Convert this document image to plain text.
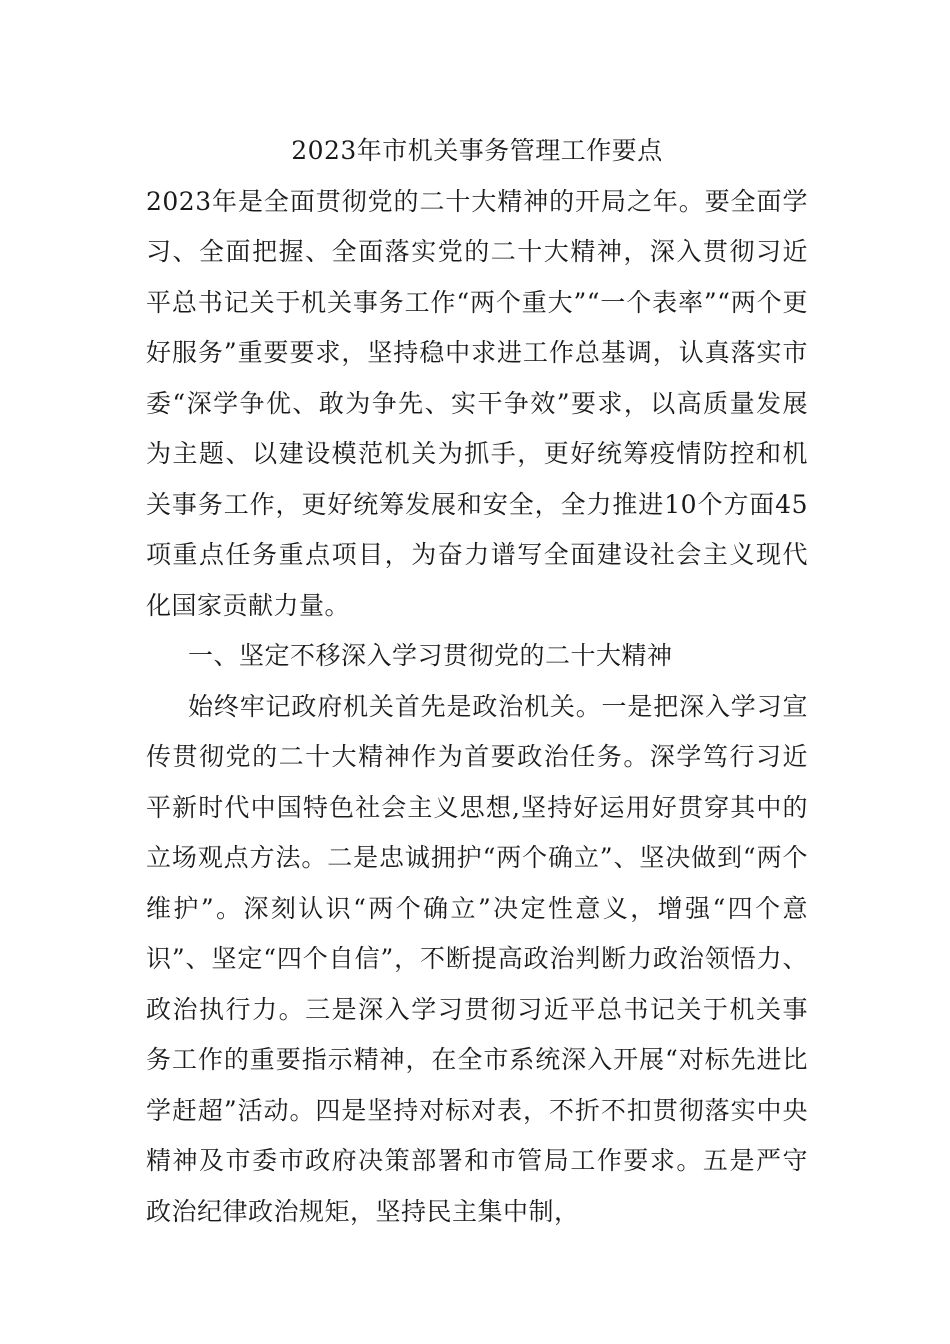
2023年市机关事务管理工作要点

2023年是全面贯彻党的二十大精神的开局之年。要全面学习、全面把握、全面落实党的二十大精神，深入贯彻习近平总书记关于机关事务工作“两个重大”“一个表率”“两个更好服务”重要要求，坚持稳中求进工作总基调，认真落实市委“深学争优、敢为争先、实干争效”要求，以高质量发展为主题、以建设模范机关为抓手，更好统筹疫情防控和机关事务工作，更好统筹发展和安全，全力推进10个方面45项重点任务重点项目，为奋力谱写全面建设社会主义现代化国家贡献力量。

一、坚定不移深入学习贯彻党的二十大精神

始终牢记政府机关首先是政治机关。一是把深入学习宣传贯彻党的二十大精神作为首要政治任务。深学笃行习近平新时代中国特色社会主义思想,坚持好运用好贯穿其中的立场观点方法。二是忠诚拥护“两个确立”、坚决做到“两个维护”。深刻认识“两个确立”决定性意义，增强“四个意识”、坚定“四个自信”，不断提高政治判断力政治领悟力、政治执行力。三是深入学习贯彻习近平总书记关于机关事务工作的重要指示精神，在全市系统深入开展“对标先进比学赶超”活动。四是坚持对标对表，不折不扣贯彻落实中央精神及市委市政府决策部署和市管局工作要求。五是严守政治纪律政治规矩，坚持民主集中制，
